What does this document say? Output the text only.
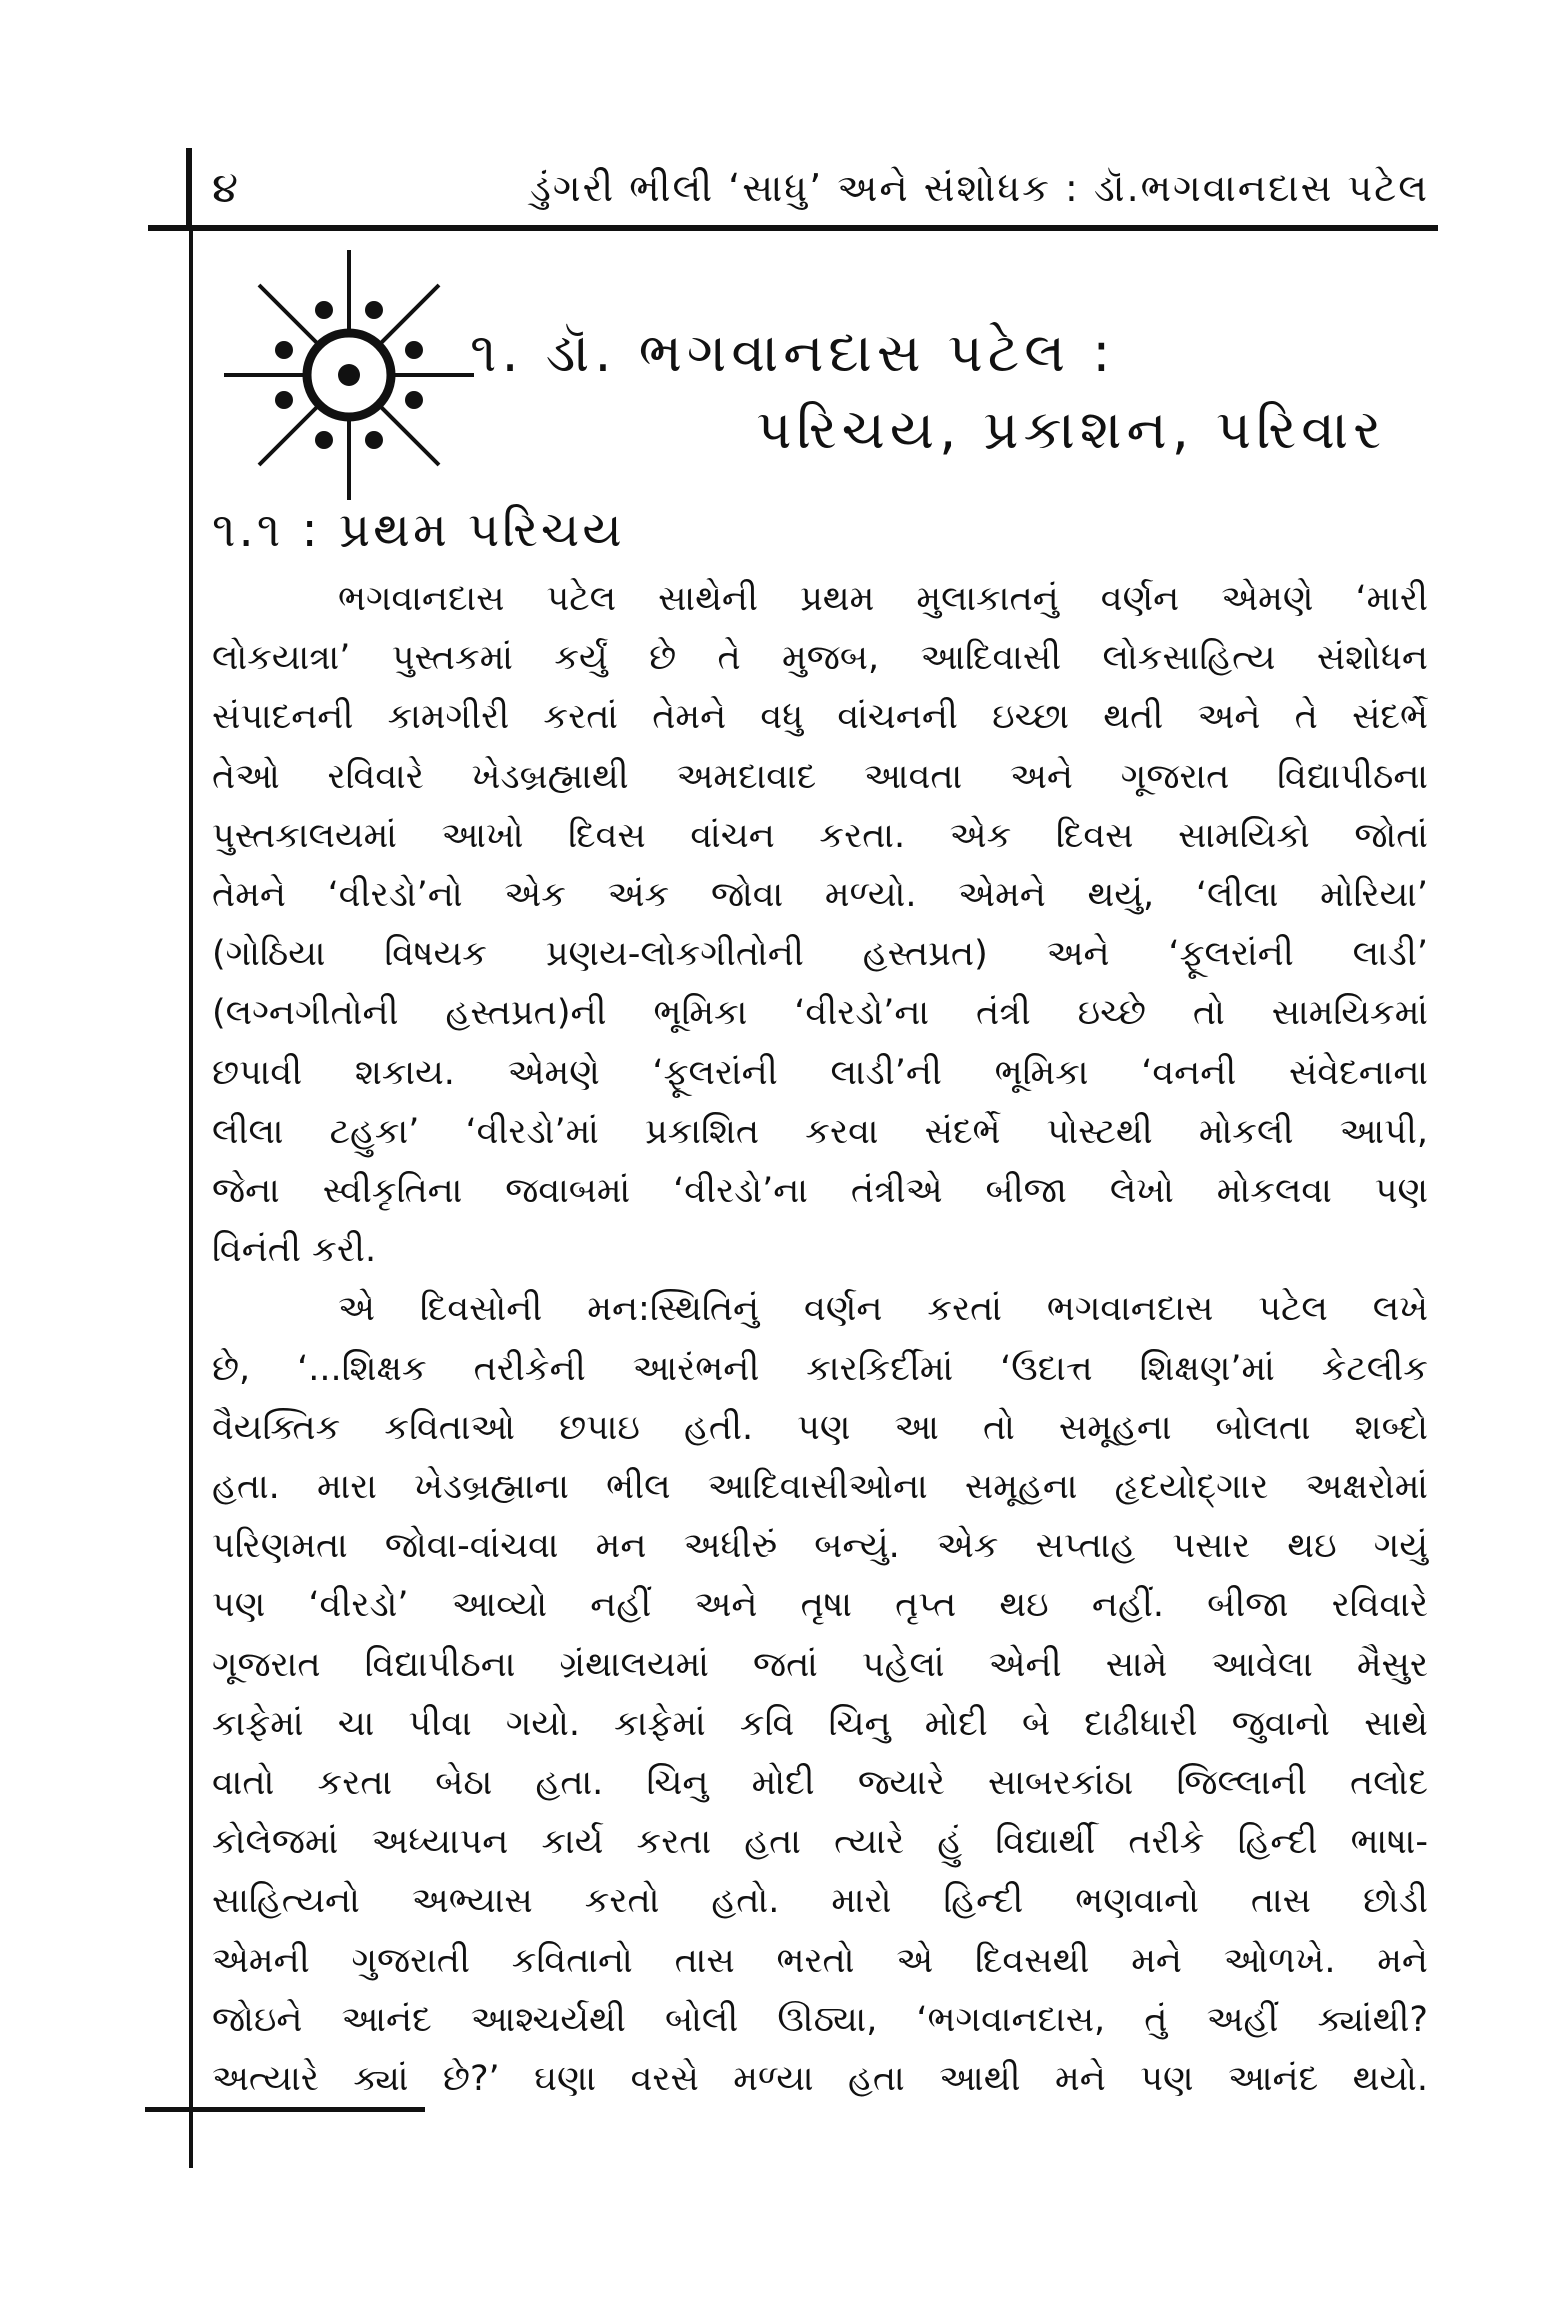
૪	ડુંગરી ભીલી ‘સાધુ’ અને સંશોધક : ડૉ.ભગવાનદાસ પટેલ
૧. ડૉ. ભગવાનદાસ પટેલ :
પરિચય, પ્રકાશન, પરિવાર
૧.૧ : પ્રથમ પરિચય
ભગવાનદાસ પટેલ સાથેની પ્રથમ મુલાકાતનું વર્ણન એમણે ‘મારી
લોકયાત્રા’ પુસ્તકમાં કર્યું છે તે મુજબ, આદિવાસી લોકસાહિત્ય સંશોધન
સંપાદનની કામગીરી કરતાં તેમને વધુ વાંચનની ઇચ્છા થતી અને તે સંદર્ભે
તેઓ રવિવારે ખેડબ્રહ્માથી અમદાવાદ આવતા અને ગૂજરાત વિદ્યાપીઠના
પુસ્તકાલયમાં આખો દિવસ વાંચન કરતા. એક દિવસ સામયિકો જોતાં
તેમને ‘વીરડો’નો એક અંક જોવા મળ્યો. એમને થયું, ‘લીલા મોરિયા’
(ગોઠિયા વિષયક પ્રણય-લોકગીતોની હસ્તપ્રત) અને ‘ફૂલરાંની લાડી’
(લગ્નગીતોની હસ્તપ્રત)ની ભૂમિકા ‘વીરડો’ના તંત્રી ઇચ્છે તો સામયિકમાં
છપાવી શકાય. એમણે ‘ફૂલરાંની લાડી’ની ભૂમિકા ‘વનની સંવેદનાના
લીલા ટહુકા’ ‘વીરડો’માં પ્રકાશિત કરવા સંદર્ભે પોસ્ટથી મોકલી આપી,
જેના સ્વીકૃતિના જવાબમાં ‘વીરડો’ના તંત્રીએ બીજા લેખો મોકલવા પણ
વિનંતી કરી.
એ દિવસોની મન:સ્થિતિનું વર્ણન કરતાં ભગવાનદાસ પટેલ લખે
છે, ‘...શિક્ષક તરીકેની આરંભની કારકિર્દીમાં ‘ઉદાત્ત શિક્ષણ’માં કેટલીક
વૈયક્તિક કવિતાઓ છપાઇ હતી. પણ આ તો સમૂહના બોલતા શબ્દો
હતા. મારા ખેડબ્રહ્માના ભીલ આદિવાસીઓના સમૂહના હૃદયોદ્ગાર અક્ષરોમાં
પરિણમતા જોવા-વાંચવા મન અધીરું બન્યું. એક સપ્તાહ પસાર થઇ ગયું
પણ ‘વીરડો’ આવ્યો નહીં અને તૃષા તૃપ્ત થઇ નહીં. બીજા રવિવારે
ગૂજરાત વિદ્યાપીઠના ગ્રંથાલયમાં જતાં પહેલાં એની સામે આવેલા મૈસુર
કાફેમાં ચા પીવા ગયો. કાફેમાં કવિ ચિનુ મોદી બે દાઢીધારી જુવાનો સાથે
વાતો કરતા બેઠા હતા. ચિનુ મોદી જ્યારે સાબરકાંઠા જિલ્લાની તલોદ
કોલેજમાં અધ્યાપન કાર્ય કરતા હતા ત્યારે હું વિદ્યાર્થી તરીકે હિન્દી ભાષા-
સાહિત્યનો અભ્યાસ કરતો હતો. મારો હિન્દી ભણવાનો તાસ છોડી
એમની ગુજરાતી કવિતાનો તાસ ભરતો એ દિવસથી મને ઓળખે. મને
જોઇને આનંદ આશ્ચર્યથી બોલી ઊઠ્યા, ‘ભગવાનદાસ, તું અહીં ક્યાંથી?
અત્યારે ક્યાં છે?’ ઘણા વરસે મળ્યા હતા આથી મને પણ આનંદ થયો.
